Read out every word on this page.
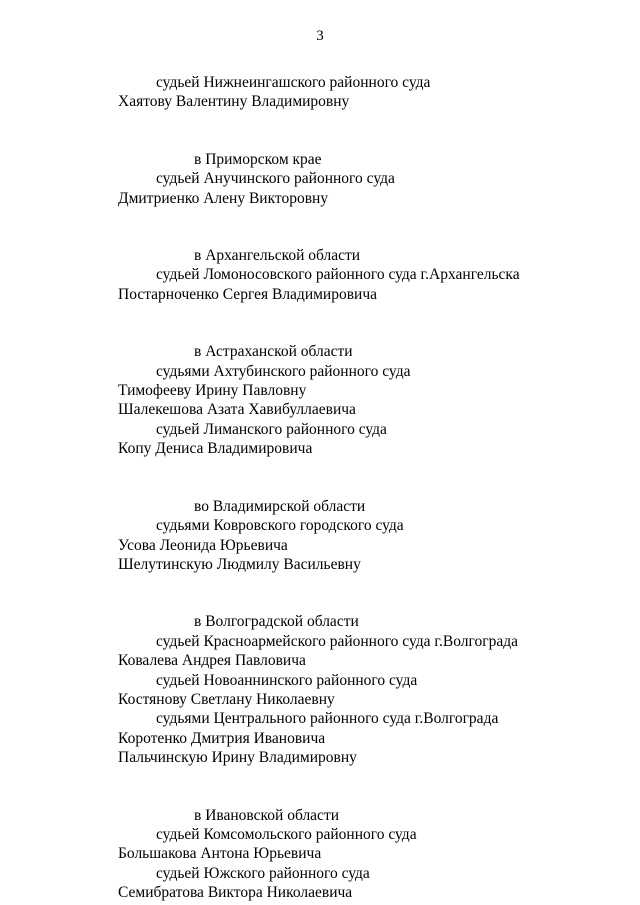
3
судьей Нижнеингашского районного суда
Хаятову Валентину Владимировну
в Приморском крае
судьей Анучинского районного суда
Дмитриенко Алену Викторовну
в Архангельской области
судьей Ломоносовского районного суда г.Архангельска
Постарноченко Сергея Владимировича
в Астраханской области
судьями Ахтубинского районного суда
Тимофееву Ирину Павловну
Шалекешова Азата Хавибуллаевича
судьей Лиманского районного суда
Копу Дениса Владимировича
во Владимирской области
судьями Ковровского городского суда
Усова Леонида Юрьевича
Шелутинскую Людмилу Васильевну
в Волгоградской области
судьей Красноармейского районного суда г.Волгограда
Ковалева Андрея Павловича
судьей Новоаннинского районного суда
Костянову Светлану Николаевну
судьями Центрального районного суда г.Волгограда
Коротенко Дмитрия Ивановича
Пальчинскую Ирину Владимировну
в Ивановской области
судьей Комсомольского районного суда
Большакова Антона Юрьевича
судьей Южского районного суда
Семибратова Виктора Николаевича
